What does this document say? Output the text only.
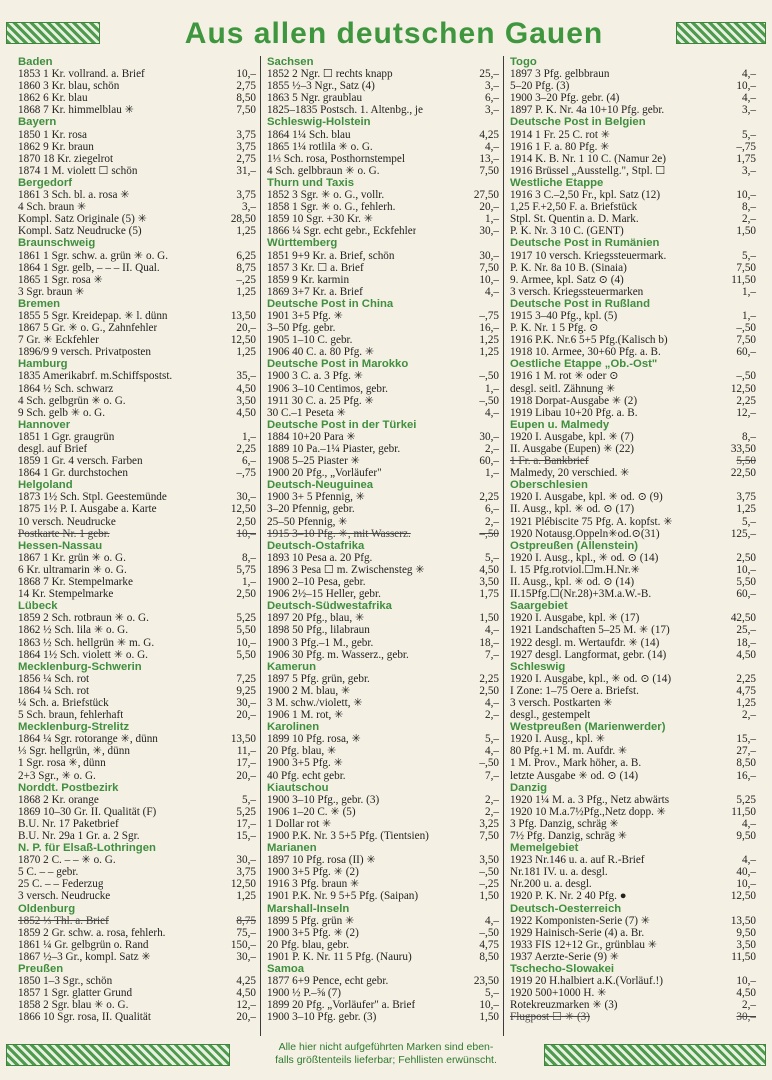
Aus allen deutschen Gauen
Baden
1853 1 Kr. vollrand. a. Brief	10,–
1860 3 Kr. blau, schön	2,75
1862 6 Kr. blau	8,50
1868 7 Kr. himmelblau ✳	7,50
Bayern
1850 1 Kr. rosa	3,75
1862 9 Kr. braun	3,75
1870 18 Kr. ziegelrot	2,75
1874 1 M. violett ☐ schön	31,–
Bergedorf
1861 3 Sch. bl. a. rosa ✳	3,75
4 Sch. braun ✳	3,–
Kompl. Satz Originale (5) ✳	28,50
Kompl. Satz Neudrucke (5)	1,25
Braunschweig
1861 1 Sgr. schw. a. grün ✳ o. G.	6,25
1864 1 Sgr. gelb, – – – II. Qual.	8,75
1865 1 Sgr. rosa ✳	–,25
3 Sgr. braun ✳	1,25
Bremen
1855 5 Sgr. Kreidepap. ✳ l. dünn	13,50
1867 5 Gr. ✳ o. G., Zahnfehler	20,–
7 Gr. ✳ Eckfehler	12,50
1896/9 9 versch. Privatposten	1,25
Hamburg
1835 Amerikabrf. m.Schiffspostst.	35,–
1864 ½ Sch. schwarz	4,50
4 Sch. gelbgrün ✳ o. G.	3,50
9 Sch. gelb ✳ o. G.	4,50
Hannover
1851 1 Ggr. graugrün	1,–
desgl. auf Brief	2,25
1859 1 Gr. 4 versch. Farben	6,–
1864 1 Gr. durchstochen	–,75
Helgoland
1873 1½ Sch. Stpl. Geestemünde	30,–
1875 1½ P. I. Ausgabe a. Karte	12,50
10 versch. Neudrucke	2,50
Postkarte Nr. 1 gebr.	10,–
Hessen-Nassau
1867 1 Kr. grün ✳ o. G.	8,–
6 Kr. ultramarin ✳ o. G.	5,75
1868 7 Kr. Stempelmarke	1,–
14 Kr. Stempelmarke	2,50
Lübeck
1859 2 Sch. rotbraun ✳ o. G.	5,25
1862 ½ Sch. lila ✳ o. G.	5,50
1863 ½ Sch. hellgrün ✳ m. G.	10,–
1864 1½ Sch. violett ✳ o. G.	5,50
Mecklenburg-Schwerin
1856 ¼ Sch. rot	7,25
1864 ¼ Sch. rot	9,25
¼ Sch. a. Briefstück	30,–
5 Sch. braun, fehlerhaft	20,–
Mecklenburg-Strelitz
1864 ¼ Sgr. rotorange ✳, dünn	13,50
⅓ Sgr. hellgrün, ✳, dünn	11,–
1 Sgr. rosa ✳, dünn	17,–
2+3 Sgr., ✳ o. G.	20,–
Norddt. Postbezirk
1868 2 Kr. orange	5,–
1869 10–30 Gr. II. Qualität (F)	5,25
B.U. Nr. 17 Paketbrief	17,–
B.U. Nr. 29a 1 Gr. a. 2 Sgr.	15,–
N. P. für Elsaß-Lothringen
1870 2 C. – – ✳ o. G.	30,–
5 C. – – gebr.	3,75
25 C. – – Federzug	12,50
3 versch. Neudrucke	1,25
Oldenburg
1852 ⅓ Thl. a. Brief	8,75
1859 2 Gr. schw. a. rosa, fehlerh.	75,–
1861 ¼ Gr. gelbgrün o. Rand	150,–
1867 ½–3 Gr., kompl. Satz ✳	30,–
Preußen
1850 1–3 Sgr., schön	4,25
1857 1 Sgr. glatter Grund	4,50
1858 2 Sgr. blau ✳ o. G.	12,–
1866 10 Sgr. rosa, II. Qualität	20,–
Sachsen
1852 2 Ngr. ☐ rechts knapp	25,–
1855 ½–3 Ngr., Satz (4)	3,–
1863 5 Ngr. graublau	6,–
1825–1835 Postsch. 1. Altenbg., je	3,–
Schleswig-Holstein
1864 1¼ Sch. blau	4,25
1865 1¼ rotlila ✳ o. G.	4,–
1⅓ Sch. rosa, Posthornstempel	13,–
4 Sch. gelbbraun ✳ o. G.	7,50
Thurn und Taxis
1852 3 Sgr. ✳ o. G., vollr.	27,50
1858 1 Sgr. ✳ o. G., fehlerh.	20,–
1859 10 Sgr. +30 Kr. ✳	1,–
1866 ¼ Sgr. echt gebr., Eckfehler	30,–
Württemberg
1851 9+9 Kr. a. Brief, schön	30,–
1857 3 Kr. ☐ a. Brief	7,50
1859 9 Kr. karmin	10,–
1869 3+7 Kr. a. Brief	4,–
Deutsche Post in China
1901 3+5 Pfg. ✳	–,75
3–50 Pfg. gebr.	16,–
1905 1–10 C. gebr.	1,25
1906 40 C. a. 80 Pfg. ✳	1,25
Deutsche Post in Marokko
1900 3 C. a. 3 Pfg. ✳	–,50
1906 3–10 Centimos, gebr.	1,–
1911 30 C. a. 25 Pfg. ✳	–,50
30 C.–1 Peseta ✳	4,–
Deutsche Post in der Türkei
1884 10+20 Para ✳	30,–
1889 10 Pa.–1¼ Piaster, gebr.	2,–
1908 5–25 Piaster ✳	60,–
1900 20 Pfg., „Vorläufer"	1,–
Deutsch-Neuguinea
1900 3+ 5 Pfennig, ✳	2,25
3–20 Pfennig, gebr.	6,–
25–50 Pfennig, ✳	2,–
1915 3–10 Pfg. ✳, mit Wasserz.	–,50
Deutsch-Ostafrika
1893 10 Pesa a. 20 Pfg.	5,–
1896 3 Pesa ☐ m. Zwischensteg ✳	4,50
1900 2–10 Pesa, gebr.	3,50
1906 2½–15 Heller, gebr.	1,75
Deutsch-Südwestafrika
1897 20 Pfg., blau, ✳	1,50
1898 50 Pfg., lilabraun	4,–
1900 3 Pfg.–1 M., gebr.	18,–
1906 30 Pfg. m. Wasserz., gebr.	7,–
Kamerun
1897 5 Pfg. grün, gebr.	2,25
1900 2 M. blau, ✳	2,50
3 M. schw./violett, ✳	4,–
1906 1 M. rot, ✳	2,–
Karolinen
1899 10 Pfg. rosa, ✳	5,–
20 Pfg. blau, ✳	4,–
1900 3+5 Pfg. ✳	–,50
40 Pfg. echt gebr.	7,–
Kiautschou
1900 3–10 Pfg., gebr. (3)	2,–
1906 1–20 C. ✳ (5)	2,–
1 Dollar rot ✳	3,25
1900 P.K. Nr. 3 5+5 Pfg. (Tientsien)	7,50
Marianen
1897 10 Pfg. rosa (II) ✳	3,50
1900 3+5 Pfg. ✳ (2)	–,50
1916 3 Pfg. braun ✳	–,25
1901 P.K. Nr. 9 5+5 Pfg. (Saipan)	1,50
Marshall-Inseln
1899 5 Pfg. grün ✳	4,–
1900 3+5 Pfg. ✳ (2)	–,50
20 Pfg. blau, gebr.	4,75
1901 P. K. Nr. 11 5 Pfg. (Nauru)	8,50
Samoa
1877 6+9 Pence, echt gebr.	23,50
1900 ½ P.–⅝ (7)	5,–
1899 20 Pfg. „Vorläufer" a. Brief	10,–
1900 3–10 Pfg. gebr. (3)	1,50
Togo
1897 3 Pfg. gelbbraun	4,–
5–20 Pfg. (3)	10,–
1900 3–20 Pfg. gebr. (4)	4,–
1897 P. K. Nr. 4a 10+10 Pfg. gebr.	3,–
Deutsche Post in Belgien
1914 1 Fr. 25 C. rot ✳	5,–
1916 1 F. a. 80 Pfg. ✳	–,75
1914 K. B. Nr. 1 10 C. (Namur 2e)	1,75
1916 Brüssel „Ausstellg.", Stpl. ☐	3,–
Westliche Etappe
1916 3 C.–2,50 Fr., kpl. Satz (12)	10,–
1,25 F.+2,50 F. a. Briefstück	8,–
Stpl. St. Quentin a. D. Mark.	2,–
P. K. Nr. 3 10 C. (GENT)	1,50
Deutsche Post in Rumänien
1917 10 versch. Kriegssteuermark.	5,–
P. K. Nr. 8a 10 B. (Sinaia)	7,50
9. Armee, kpl. Satz ⊙ (4)	11,50
3 versch. Kriegssteuermarken	1,–
Deutsche Post in Rußland
1915 3–40 Pfg., kpl. (5)	1,–
P. K. Nr. 1 5 Pfg. ⊙	–,50
1916 P.K. Nr.6 5+5 Pfg.(Kalisch b)	7,50
1918 10. Armee, 30+60 Pfg. a. B.	60,–
Oestliche Etappe „Ob.-Ost"
1916 1 M. rot ✳ oder ⊙	–,50
desgl. seitl. Zähnung ✳	12,50
1918 Dorpat-Ausgabe ✳ (2)	2,25
1919 Libau 10+20 Pfg. a. B.	12,–
Eupen u. Malmedy
1920 I. Ausgabe, kpl. ✳ (7)	8,–
II. Ausgabe (Eupen) ✳ (22)	33,50
1 Fr. a. Bankbrief	5,50
Malmedy, 20 verschied. ✳	22,50
Oberschlesien
1920 I. Ausgabe, kpl. ✳ od. ⊙ (9)	3,75
II. Ausg., kpl. ✳ od. ⊙ (17)	1,25
1921 Plébiscite 75 Pfg. A. kopfst. ✳	5,–
1920 Notausg.Oppeln✳od.⊙(31)	125,–
Ostpreußen (Allenstein)
1920 I. Ausg., kpl., ✳ od. ⊙ (14)	2,50
I. 15 Pfg.rotviol.☐m.H.Nr.✳	10,–
II. Ausg., kpl. ✳ od. ⊙ (14)	5,50
II.15Pfg.☐(Nr.28)+3M.a.W.-B.	60,–
Saargebiet
1920 I. Ausgabe, kpl. ✳ (17)	42,50
1921 Landschaften 5–25 M. ✳ (17)	25,–
1922 desgl. m. Wertaufdr. ✳ (14)	18,–
1927 desgl. Langformat, gebr. (14)	4,50
Schleswig
1920 I. Ausgabe, kpl., ✳ od. ⊙ (14)	2,25
I Zone: 1–75 Oere a. Briefst.	4,75
3 versch. Postkarten ✳	1,25
desgl., gestempelt	2,–
Westpreußen (Marienwerder)
1920 I. Ausg., kpl. ✳	15,–
80 Pfg.+1 M. m. Aufdr. ✳	27,–
1 M. Prov., Mark höher, a. B.	8,50
letzte Ausgabe ✳ od. ⊙ (14)	16,–
Danzig
1920 1¼ M. a. 3 Pfg., Netz abwärts	5,25
1920 10 M.a.7½Pfg.,Netz dopp. ✳	11,50
3 Pfg. Danzig, schräg ✳	4,–
7½ Pfg. Danzig, schräg ✳	9,50
Memelgebiet
1923 Nr.146 u. a. auf R.-Brief	4,–
Nr.181 IV. u. a. desgl.	40,–
Nr.200 u. a. desgl.	10,–
1920 P. K. Nr. 2 40 Pfg. ●	12,50
Deutsch-Oesterreich
1922 Komponisten-Serie (7) ✳	13,50
1929 Hainisch-Serie (4) a. Br.	9,50
1933 FIS 12+12 Gr., grünblau ✳	3,50
1937 Aerzte-Serie (9) ✳	11,50
Tschecho-Slowakei
1919 20 H.halbiert a.K.(Vorläuf.!)	10,–
1920 500+1000 H. ✳	4,50
Rotekreuzmarken ✳ (3)	2,–
Flugpost ☐ ✳ (3)	30,–
Alle hier nicht aufgeführten Marken sind eben-
falls größtenteils lieferbar; Fehllisten erwünscht.
